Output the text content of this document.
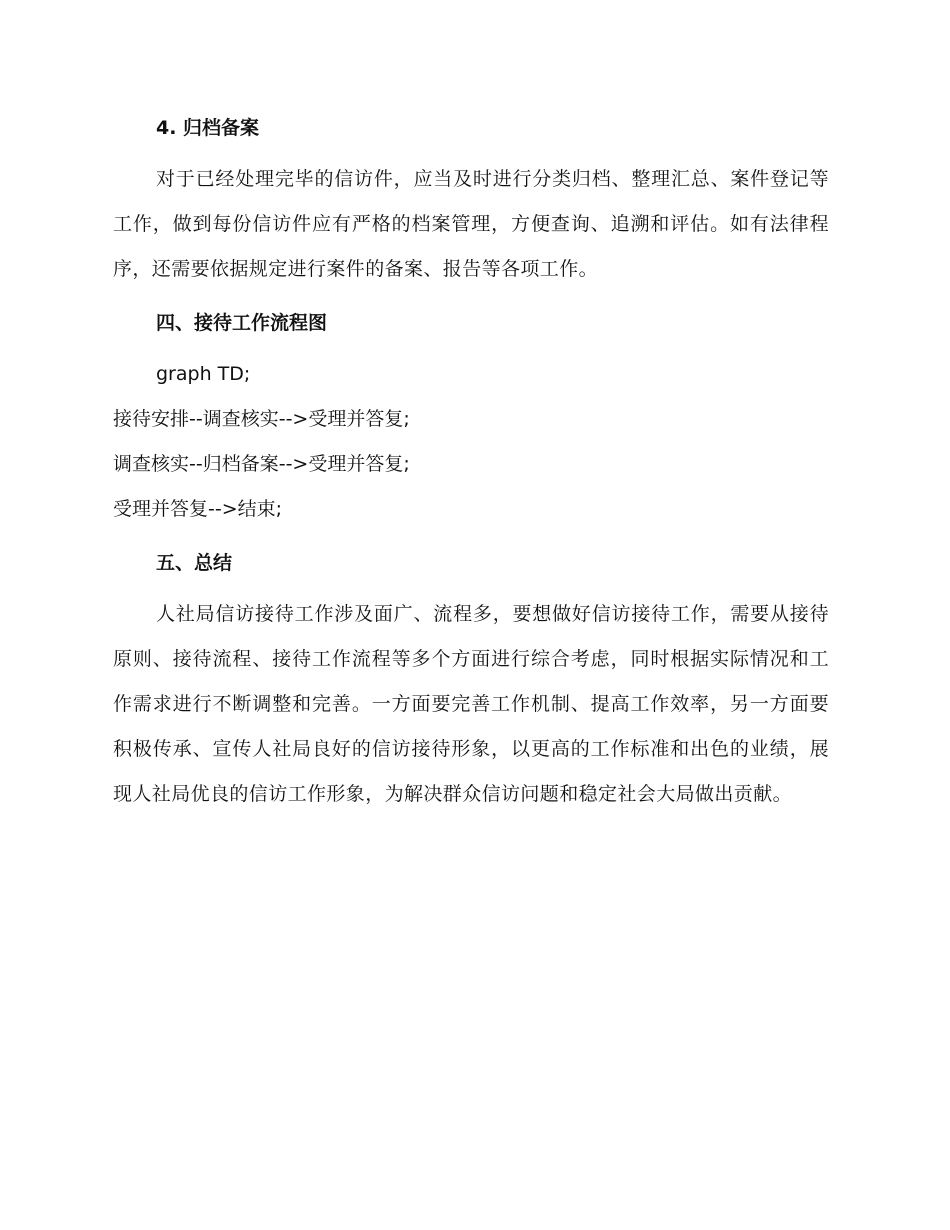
4. 归档备案

对于已经处理完毕的信访件，应当及时进行分类归档、整理汇总、案件登记等工作，做到每份信访件应有严格的档案管理，方便查询、追溯和评估。如有法律程序，还需要依据规定进行案件的备案、报告等各项工作。

四、接待工作流程图

graph TD;

接待安排--调查核实-->受理并答复;

调查核实--归档备案-->受理并答复;

受理并答复-->结束;

五、总结

人社局信访接待工作涉及面广、流程多，要想做好信访接待工作，需要从接待原则、接待流程、接待工作流程等多个方面进行综合考虑，同时根据实际情况和工作需求进行不断调整和完善。一方面要完善工作机制、提高工作效率，另一方面要积极传承、宣传人社局良好的信访接待形象，以更高的工作标准和出色的业绩，展现人社局优良的信访工作形象，为解决群众信访问题和稳定社会大局做出贡献。
